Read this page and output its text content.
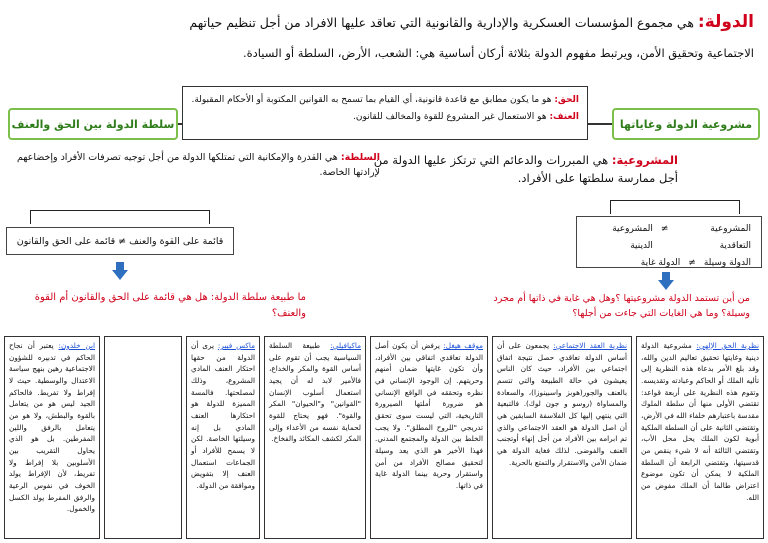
الدولة: هي مجموع المؤسسات العسكرية والإدارية والقانونية التي تعاقد عليها الافراد من أجل تنظيم حياتهم
الاجتماعية وتحقيق الأمن، ويرتبط مفهوم الدولة بثلاثة أركان أساسية هي: الشعب، الأرض، السلطة أو السيادة.
الحق: هو ما يكون مطابق مع قاعدة قانونية، أي القيام بما تسمح به القوانين المكتوبة أو الأحكام المقبولة.
العنف: هو الاستعمال غير المشروع للقوة والمخالف للقانون.
سلطة الدولة بين الحق والعنف	مشروعية الدولة وغاياتها
السلطة: هي القدرة والإمكانية التي تمتلكها الدولة من أجل توجيه تصرفات الأفراد وإخضاعهم لإرادتها الخاصة.
المشروعية: هي المبررات والدعائم التي ترتكز عليها الدولة من أجل ممارسة سلطتها على الأفراد.
قائمة على القوة والعنف

≠

قائمة على الحق والقانون
المشروعية التعاقدية
≠
المشروعية الدينية
الدولة وسيلة
≠
الدولة غاية
ما طبيعة سلطة الدولة: هل هي قائمة على الحق والقانون أم القوة والعنف؟
من أين تستمد الدولة مشروعيتها ؟وهل هي غاية في ذاتها أم مجرد وسيلة؟ وما هي الغايات التي جاءت من أجلها؟
نظرية الحق الإلهي: مشروعية الدولة دينية وغايتها تحقيق تعاليم الدين والله، وقد بلغ الأمر بدعاة هذه النظرية إلى تأليه الملك أو الحاكم وعبادته وتقديسه. وتقوم هذه النظرية على أربعة قواعد: تقتضي الأولى منها أن سلطة الملوك مقدسة باعتبارهم خلفاء الله في الأرض، وتقتضي الثانية على أن السلطة الملكية أبوية لكون الملك يحل محل الأب، وتقتضي الثالثة أنه لا شيء ينقص من قدسيتها، وتقتضي الرابعة أن السلطة الملكية لا يمكن أن تكون موضوع اعتراض طالما أن الملك مفوض من الله.
نظرية العقد الاجتماعي: يجمعون على أن أساس الدولة تعاقدي حصل نتيجة اتفاق اجتماعي بين الأفراد، حيث كان الناس يعيشون في حالة الطبيعة والتي تتسم بالعنف والجور(هوبز واسبينوزا)، والسعادة والمساواة (روسو و جون لوك). فالتبعية التي ينتهي إليها كل الفلاسفة السابقين هي أن اصل الدولة هو العقد الاجتماعي والذي تم ابرامه بين الأفراد من أجل إنهاء أوتجنب العنف والفوضى. لذلك فغاية الدولة هي ضمان الأمن والاستقرار والتمتع بالحرية.
موقف هيغل: يرفض أن يكون أصل الدولة تعاقدي اتفاقي بين الأفراد، وأن تكون غايتها ضمان أمنهم وحريتهم. إن الوجود الإنساني في نظره وتحققه في الواقع الإنساني هو ضرورة أملتها الصيرورة التاريخية، التي ليست سوى تحقق تدريجي "للروح المطلق". ولا يجب الخلط بين الدولة والمجتمع المدني. فهذا الأخير هو الذي يعد وسيلة لتحقيق مصالح الأفراد من أمن واستقرار وحرية بينما الدولة غاية في ذاتها.
ماكيافيلي: طبيعة السلطة السياسية يجب أن تقوم على أساس القوة والمكر والخداع، فالأمير لابد له أن يجيد استعمال أسلوب الإنسان "القوانين" و"الحيوان" المكر والقوة". فهو يحتاج للقوة لحماية نفسه من الأعداء وإلى المكر لكشف المكائد والفخاخ.
ماكس فيبر: يرى أن الدولة من حقها احتكار العنف المادي المشروع، وذلك لمصلحتها. فالمسة المميزة للدولة هو احتكارها العنف المادي بل إنه وسيلتها الخاصة. لكن لا يسمح للأفراد أو الجماعات استعمال العنف إلا بتفويض وموافقة من الدولة.
ابن خلدون: يعتبر أن نجاح الحاكم في تدبيره للشؤون الاجتماعية رهين بنهج سياسة الاعتدال والوسطية. حيث لا إفراط ولا تفريط. فالحاكم الجيد ليس هو من يتعامل بالقوة والبطش، ولا هو من يتعامل بالرفق واللين المفرطين. بل هو الذي يحاول التقريب بين الأسلوبين بلا إفراط ولا تفريط، لأن الإفراط يولد الخوف في نفوس الرعية والرفق المفرط يولد الكسل والخمول.
